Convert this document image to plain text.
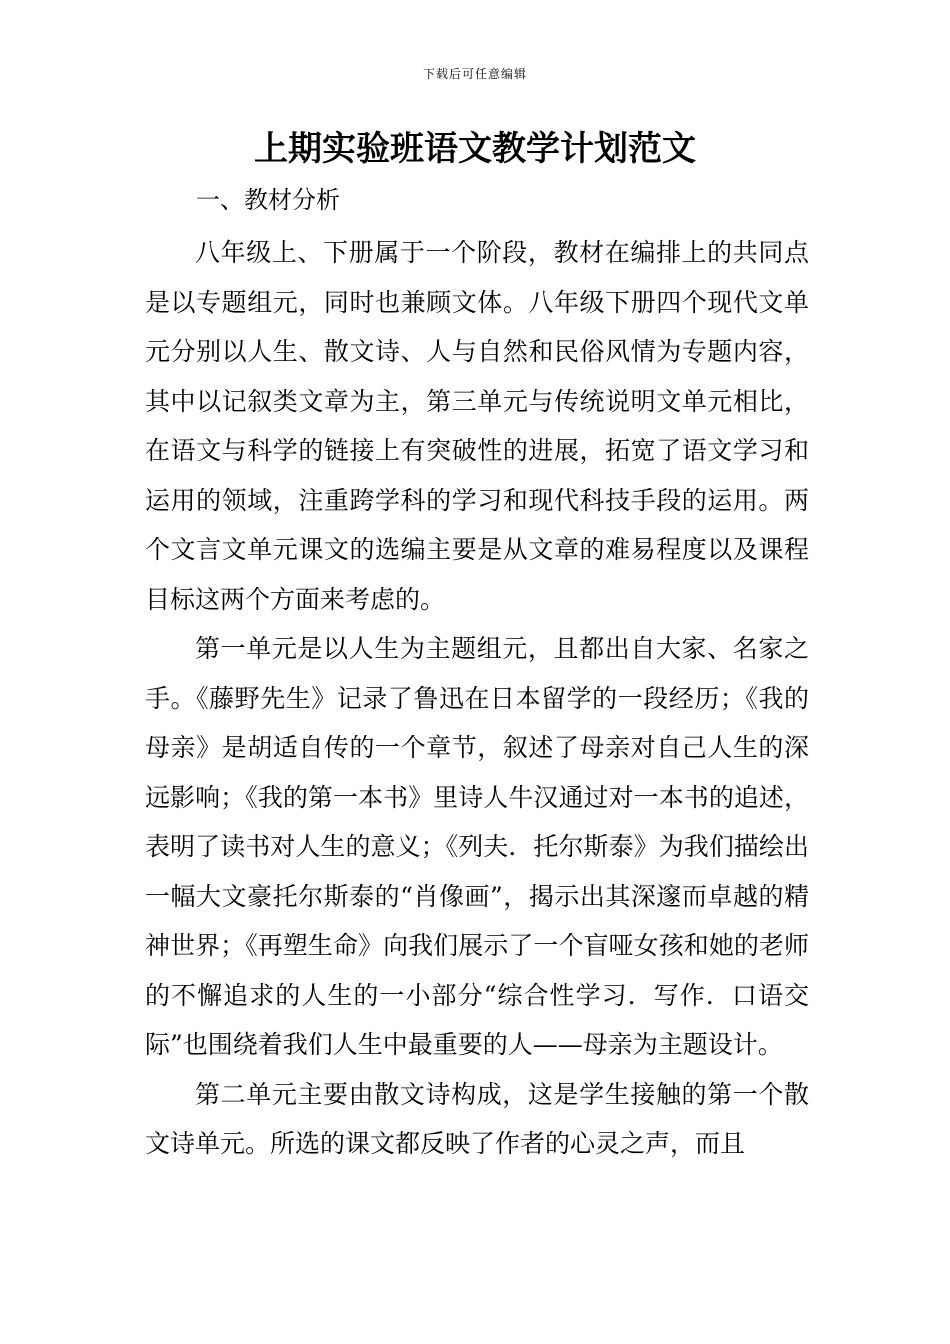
下载后可任意编辑
上期实验班语文教学计划范文
一、教材分析

八年级上、下册属于一个阶段，教材在编排上的共同点是以专题组元，同时也兼顾文体。八年级下册四个现代文单元分别以人生、散文诗、人与自然和民俗风情为专题内容，其中以记叙类文章为主，第三单元与传统说明文单元相比，在语文与科学的链接上有突破性的进展，拓宽了语文学习和运用的领域，注重跨学科的学习和现代科技手段的运用。两个文言文单元课文的选编主要是从文章的难易程度以及课程目标这两个方面来考虑的。

第一单元是以人生为主题组元，且都出自大家、名家之手。《藤野先生》记录了鲁迅在日本留学的一段经历；《我的母亲》是胡适自传的一个章节，叙述了母亲对自己人生的深远影响；《我的第一本书》里诗人牛汉通过对一本书的追述，表明了读书对人生的意义；《列夫．托尔斯泰》为我们描绘出一幅大文豪托尔斯泰的“肖像画”，揭示出其深邃而卓越的精神世界；《再塑生命》向我们展示了一个盲哑女孩和她的老师的不懈追求的人生的一小部分“综合性学习．写作．口语交际”也围绕着我们人生中最重要的人——母亲为主题设计。

第二单元主要由散文诗构成，这是学生接触的第一个散文诗单元。所选的课文都反映了作者的心灵之声，而且
